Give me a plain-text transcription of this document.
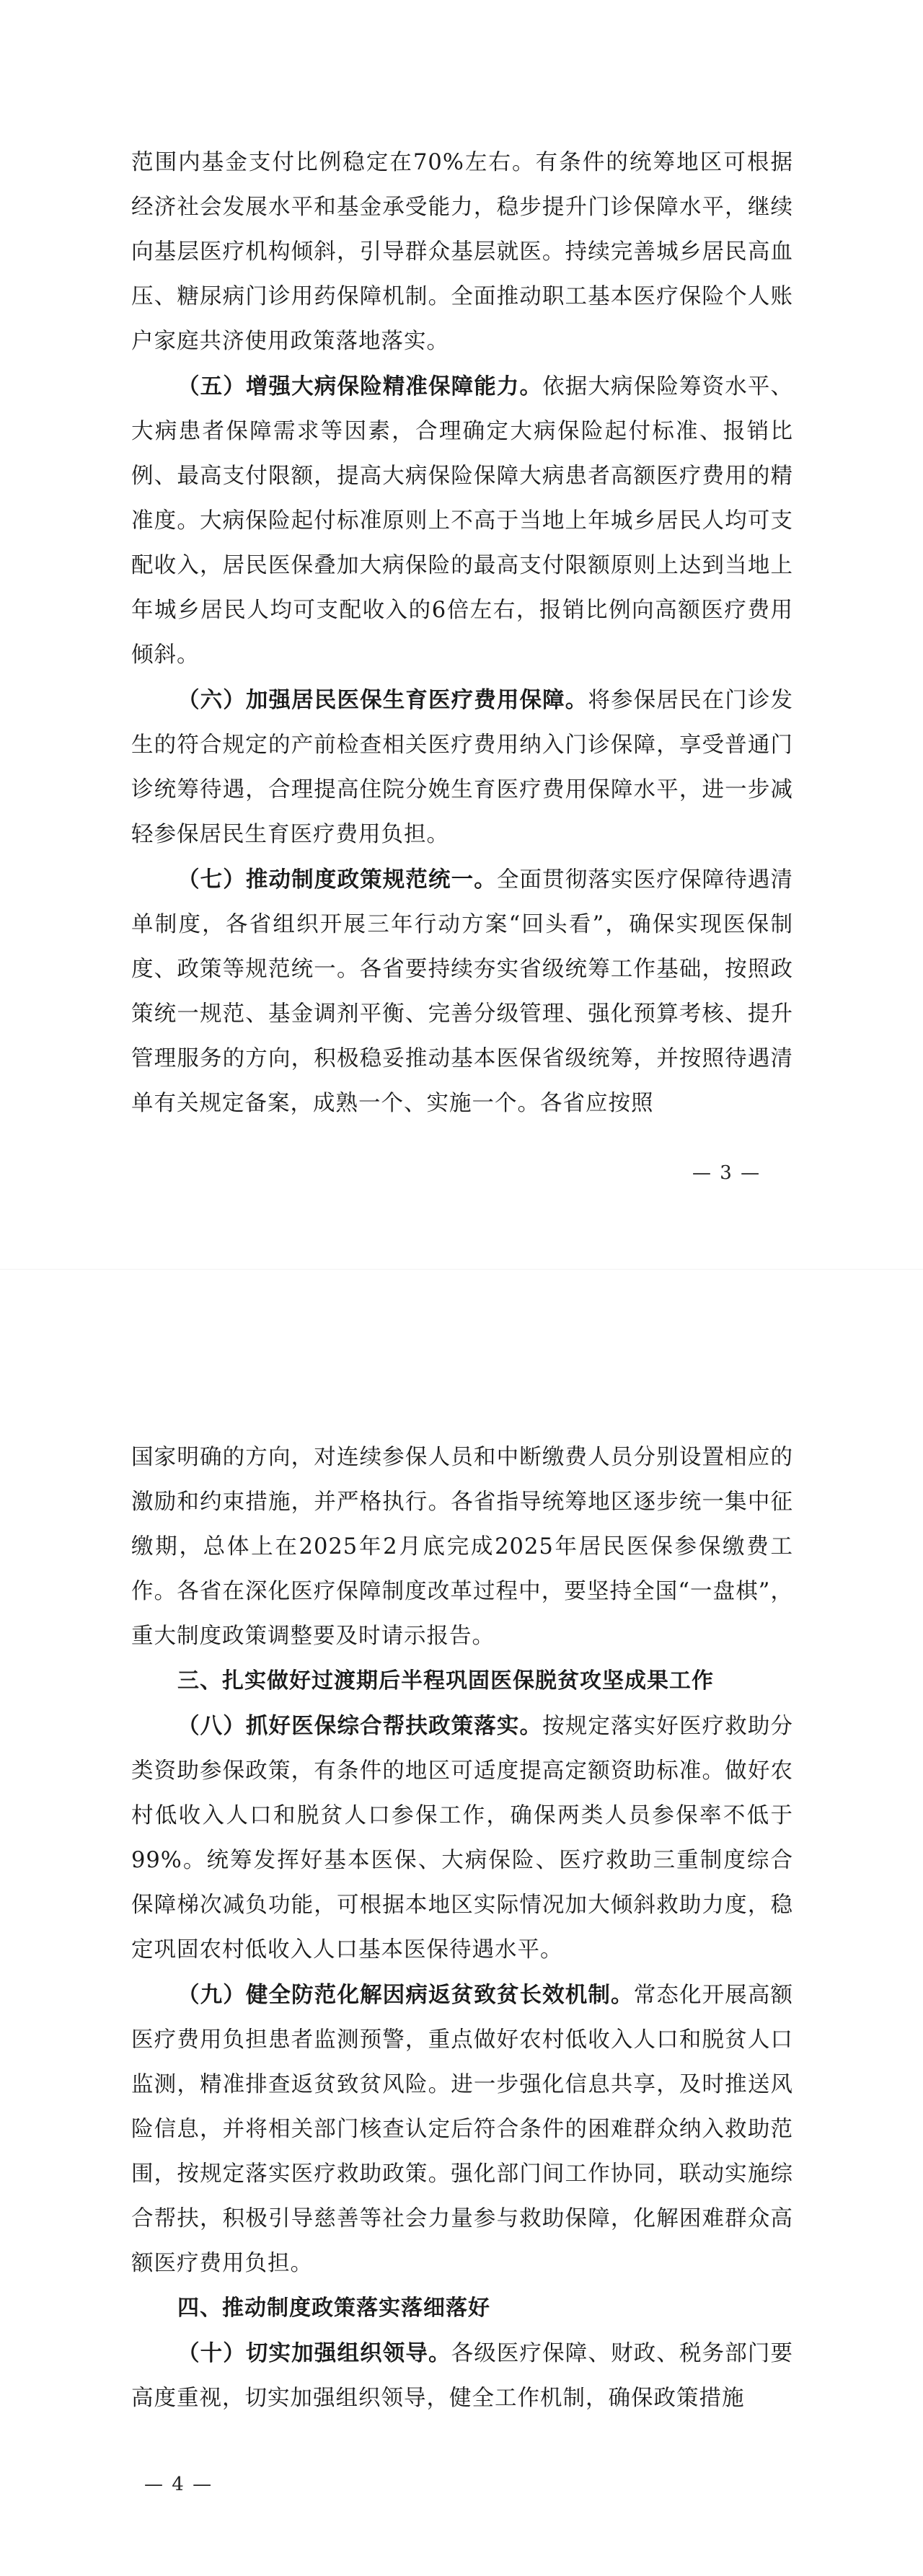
范围内基金支付比例稳定在70%左右。有条件的统筹地区可根据经济社会发展水平和基金承受能力，稳步提升门诊保障水平，继续向基层医疗机构倾斜，引导群众基层就医。持续完善城乡居民高血压、糖尿病门诊用药保障机制。全面推动职工基本医疗保险个人账户家庭共济使用政策落地落实。

（五）增强大病保险精准保障能力。依据大病保险筹资水平、大病患者保障需求等因素，合理确定大病保险起付标准、报销比例、最高支付限额，提高大病保险保障大病患者高额医疗费用的精准度。大病保险起付标准原则上不高于当地上年城乡居民人均可支配收入，居民医保叠加大病保险的最高支付限额原则上达到当地上年城乡居民人均可支配收入的6倍左右，报销比例向高额医疗费用倾斜。

（六）加强居民医保生育医疗费用保障。将参保居民在门诊发生的符合规定的产前检查相关医疗费用纳入门诊保障，享受普通门诊统筹待遇，合理提高住院分娩生育医疗费用保障水平，进一步减轻参保居民生育医疗费用负担。

（七）推动制度政策规范统一。全面贯彻落实医疗保障待遇清单制度，各省组织开展三年行动方案“回头看”，确保实现医保制度、政策等规范统一。各省要持续夯实省级统筹工作基础，按照政策统一规范、基金调剂平衡、完善分级管理、强化预算考核、提升管理服务的方向，积极稳妥推动基本医保省级统筹，并按照待遇清单有关规定备案，成熟一个、实施一个。各省应按照

— 3 —

国家明确的方向，对连续参保人员和中断缴费人员分别设置相应的激励和约束措施，并严格执行。各省指导统筹地区逐步统一集中征缴期，总体上在2025年2月底完成2025年居民医保参保缴费工作。各省在深化医疗保障制度改革过程中，要坚持全国“一盘棋”，重大制度政策调整要及时请示报告。

三、扎实做好过渡期后半程巩固医保脱贫攻坚成果工作

（八）抓好医保综合帮扶政策落实。按规定落实好医疗救助分类资助参保政策，有条件的地区可适度提高定额资助标准。做好农村低收入人口和脱贫人口参保工作，确保两类人员参保率不低于99%。统筹发挥好基本医保、大病保险、医疗救助三重制度综合保障梯次减负功能，可根据本地区实际情况加大倾斜救助力度，稳定巩固农村低收入人口基本医保待遇水平。

（九）健全防范化解因病返贫致贫长效机制。常态化开展高额医疗费用负担患者监测预警，重点做好农村低收入人口和脱贫人口监测，精准排查返贫致贫风险。进一步强化信息共享，及时推送风险信息，并将相关部门核查认定后符合条件的困难群众纳入救助范围，按规定落实医疗救助政策。强化部门间工作协同，联动实施综合帮扶，积极引导慈善等社会力量参与救助保障，化解困难群众高额医疗费用负担。

四、推动制度政策落实落细落好

（十）切实加强组织领导。各级医疗保障、财政、税务部门要高度重视，切实加强组织领导，健全工作机制，确保政策措施

— 4 —
